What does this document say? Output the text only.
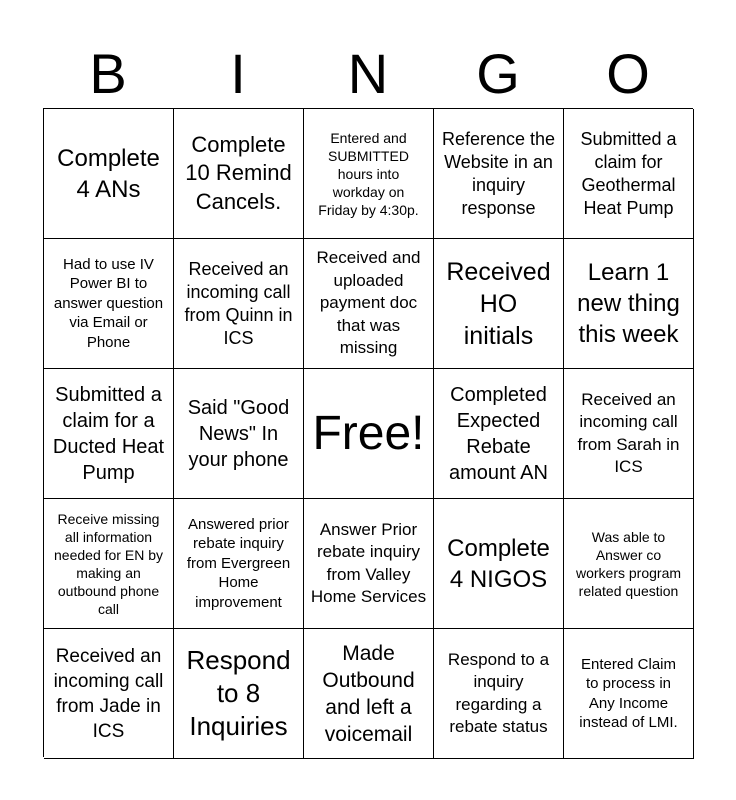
B	I	N	G	O
Complete 4 ANs
Complete 10 Remind Cancels.
Entered and SUBMITTED hours into workday on Friday by 4:30p.
Reference the Website in an inquiry response
Submitted a claim for Geothermal Heat Pump
Had to use IV Power BI to answer question via Email or Phone
Received an incoming call from Quinn in ICS
Received and uploaded payment doc that was missing
Received HO initials
Learn 1 new thing this week
Submitted a claim for a Ducted Heat Pump
Said "Good News" In your phone Free!
Completed Expected Rebate amount AN
Received an incoming call from Sarah in ICS
Receive missing all information needed for EN by making an outbound phone call
Answered prior rebate inquiry from Evergreen Home improvement
Answer Prior rebate inquiry from Valley Home Services
Complete 4 NIGOS
Was able to Answer co workers program related question
Received an incoming call from Jade in ICS
Respond to 8 Inquiries
Made Outbound and left a voicemail
Respond to a inquiry regarding a rebate status
Entered Claim to process in Any Income instead of LMI.
